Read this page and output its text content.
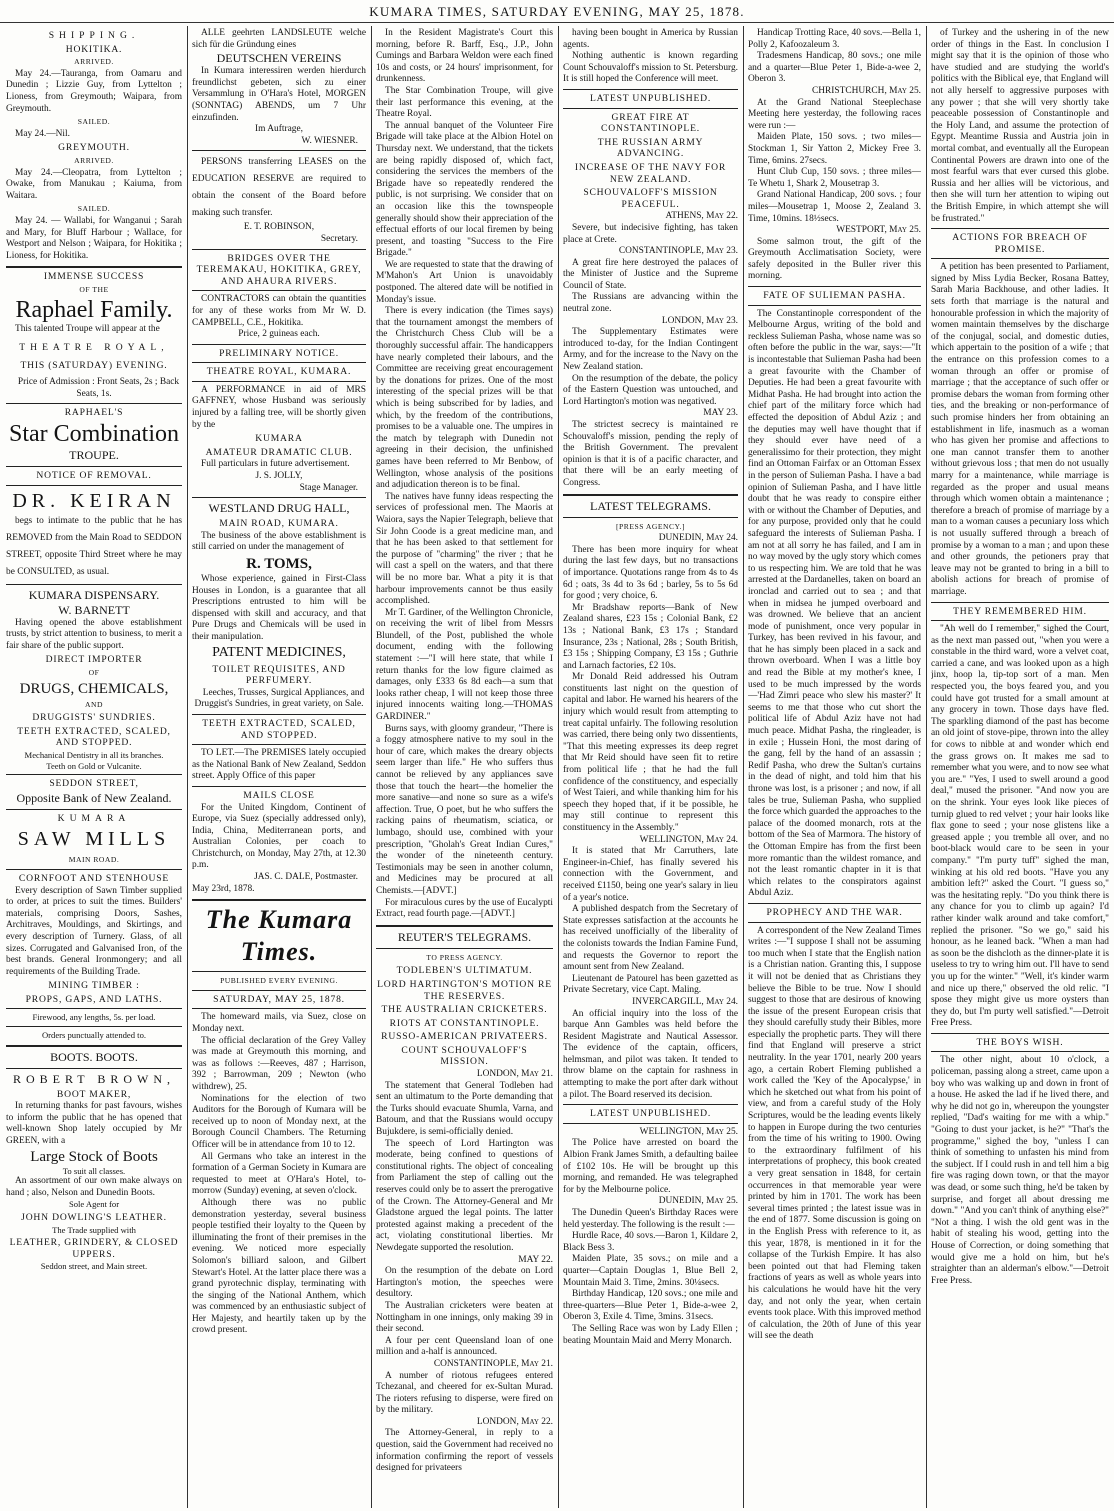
KUMARA TIMES, SATURDAY EVENING, MAY 25, 1878.
SHIPPING.
HOKITIKA.
ARRIVED.

May 24.—Tauranga, from Oamaru and Dunedin ; Lizzie Guy, from Lyttelton ; Lioness, from Greymouth; Waipara, from Greymouth.

SAILED.

May 24.—Nil.

GREYMOUTH.
ARRIVED.

May 24.—Cleopatra, from Lyttelton ; Owake, from Manukau ; Kaiuma, from Waitara.

SAILED.

May 24. — Wallabi, for Wanganui ; Sarah and Mary, for Bluff Harbour ; Wallace, for Westport and Nelson ; Waipara, for Hokitika ; Lioness, for Hokitika.

IMMENSE SUCCESS
OF THE
Raphael Family.

This talented Troupe will appear at the

THEATRE ROYAL,
THIS (SATURDAY) EVENING.

Price of Admission : Front Seats, 2s ; Back Seats, 1s.

RAPHAEL'S
Star Combination
TROUPE.
NOTICE OF REMOVAL.
DR. KEIRAN

begs to intimate to the public that he has REMOVED from the Main Road to SEDDON STREET, opposite Third Street where he may be CONSULTED, as usual.

KUMARA DISPENSARY.
W. BARNETT

Having opened the above establishment trusts, by strict attention to business, to merit a fair share of the public support.

DIRECT IMPORTER
OF
DRUGS, CHEMICALS,
AND
DRUGGISTS' SUNDRIES.
TEETH EXTRACTED, SCALED, AND STOPPED.
Mechanical Dentistry in all its branches.
Teeth on Gold or Vulcanite.
SEDDON STREET,
Opposite Bank of New Zealand.
KUMARA
SAW MILLS
MAIN ROAD.
CORNFOOT AND STENHOUSE

Every description of Sawn Timber supplied to order, at prices to suit the times. Builders' materials, comprising Doors, Sashes, Architraves, Mouldings, and Skirtings, and every description of Turnery. Glass, of all sizes. Corrugated and Galvanised Iron, of the best brands. General Ironmongery; and all requirements of the Building Trade.

MINING TIMBER :
PROPS, GAPS, AND LATHS.
Firewood, any lengths, 5s. per load.
Orders punctually attended to.
BOOTS. BOOTS.
ROBERT BROWN,
BOOT MAKER,

In returning thanks for past favours, wishes to inform the public that he has opened that well-known Shop lately occupied by Mr GREEN, with a

Large Stock of Boots
To suit all classes.

An assortment of our own make always on hand ; also, Nelson and Dunedin Boots.

Sole Agent for
JOHN DOWLING'S LEATHER.
The Trade supplied with
LEATHER, GRINDERY, & CLOSED UPPERS.
Seddon street, and Main street.

ALLE geehrten LANDSLEUTE welche sich für die Gründung eines

DEUTSCHEN VEREINS

In Kumara interessiren werden hierdurch freundlichst gebeten, sich zu einer Versammlung in O'Hara's Hotel, MORGEN (SONNTAG) ABENDS, um 7 Uhr einzufinden.

Im Auftrage,
W. WIESNER.

PERSONS transferring LEASES on the EDUCATION RESERVE are required to obtain the consent of the Board before making such transfer.

E. T. ROBINSON,
Secretary.
BRIDGES OVER THE TEREMAKAU, HOKITIKA, GREY, AND AHAURA RIVERS.

CONTRACTORS can obtain the quantities for any of these works from Mr W. D. CAMPBELL, C.E., Hokitika.

Price, 2 guineas each.
PRELIMINARY NOTICE.
THEATRE ROYAL, KUMARA.

A PERFORMANCE in aid of MRS GAFFNEY, whose Husband was seriously injured by a falling tree, will be shortly given by the

KUMARA
AMATEUR DRAMATIC CLUB.

Full particulars in future advertisement.

J. S. JOLLY,
Stage Manager.
WESTLAND DRUG HALL,
MAIN ROAD, KUMARA.

The business of the above establishment is still carried on under the management of

R. TOMS,

Whose experience, gained in First-Class Houses in London, is a guarantee that all Prescriptions entrusted to him will be dispensed with skill and accuracy, and that Pure Drugs and Chemicals will be used in their manipulation.

PATENT MEDICINES,
TOILET REQUISITES, AND PERFUMERY.

Leeches, Trusses, Surgical Appliances, and Druggist's Sundries, in great variety, on Sale.

TEETH EXTRACTED, SCALED, AND STOPPED.

TO LET.—The PREMISES lately occupied as the National Bank of New Zealand, Seddon street. Apply Office of this paper

MAILS CLOSE

For the United Kingdom, Continent of Europe, via Suez (specially addressed only), India, China, Mediterranean ports, and Australian Colonies, per coach to Christchurch, on Monday, May 27th, at 12.30 p.m.

JAS. C. DALE, Postmaster.
May 23rd, 1878.
The Kumara Times.
PUBLISHED EVERY EVENING.
SATURDAY, MAY 25, 1878.

The homeward mails, via Suez, close on Monday next.

The official declaration of the Grey Valley was made at Greymouth this morning, and was as follows :—Reeves, 487 ; Harrison, 392 ; Barrowman, 209 ; Newton (who withdrew), 25.

Nominations for the election of two Auditors for the Borough of Kumara will be received up to noon of Monday next, at the Borough Council Chambers. The Returning Officer will be in attendance from 10 to 12.

All Germans who take an interest in the formation of a German Society in Kumara are requested to meet at O'Hara's Hotel, to-morrow (Sunday) evening, at seven o'clock.

Although there was no public demonstration yesterday, several business people testified their loyalty to the Queen by illuminating the front of their premises in the evening. We noticed more especially Solomon's billiard saloon, and Gilbert Stewart's Hotel. At the latter place there was a grand pyrotechnic display, terminating with the singing of the National Anthem, which was commenced by an enthusiastic subject of Her Majesty, and heartily taken up by the crowd present.

In the Resident Magistrate's Court this morning, before R. Barff, Esq., J.P., John Cumings and Barbara Weldon were each fined 10s and costs, or 24 hours' imprisonment, for drunkenness.

The Star Combination Troupe, will give their last performance this evening, at the Theatre Royal.

The annual banquet of the Volunteer Fire Brigade will take place at the Albion Hotel on Thursday next. We understand, that the tickets are being rapidly disposed of, which fact, considering the services the members of the Brigade have so repeatedly rendered the public, is not surprising. We consider that on an occasion like this the townspeople generally should show their appreciation of the effectual efforts of our local firemen by being present, and toasting "Success to the Fire Brigade."

We are requested to state that the drawing of M'Mahon's Art Union is unavoidably postponed. The altered date will be notified in Monday's issue.

There is every indication (the Times says) that the tournament amongst the members of the Christchurch Chess Club will be a thoroughly successful affair. The handicappers have nearly completed their labours, and the Committee are receiving great encouragement by the donations for prizes. One of the most interesting of the special prizes will be that which is being subscribed for by ladies, and which, by the freedom of the contributions, promises to be a valuable one. The umpires in the match by telegraph with Dunedin not agreeing in their decision, the unfinished games have been referred to Mr Benbow, of Wellington, whose analysis of the positions and adjudication thereon is to be final.

The natives have funny ideas respecting the services of professional men. The Maoris at Waiora, says the Napier Telegraph, believe that Sir John Coode is a great medicine man, and that he has been asked to that settlement for the purpose of "charming" the river ; that he will cast a spell on the waters, and that there will be no more bar. What a pity it is that harbour improvements cannot be thus easily accomplished.

Mr T. Gardiner, of the Wellington Chronicle, on receiving the writ of libel from Messrs Blundell, of the Post, published the whole document, ending with the following statement :—"I will here state, that while I return thanks for the low figure claimed as damages, only £333 6s 8d each—a sum that looks rather cheap, I will not keep those three injured innocents waiting long.—THOMAS GARDINER."

Burns says, with gloomy grandeur, "There is a foggy atmosphere native to my soul in the hour of care, which makes the dreary objects seem larger than life." He who suffers thus cannot be relieved by any appliances save those that touch the heart—the homelier the more sanative—and none so sure as a wife's affection. True, O poet, but he who suffers the racking pains of rheumatism, sciatica, or lumbago, should use, combined with your prescription, "Gholah's Great Indian Cures," the wonder of the nineteenth century. Testimonials may be seen in another column, and Medicines may be procured at all Chemists.—[ADVT.]

For miraculous cures by the use of Eucalypti Extract, read fourth page.—[ADVT.]

REUTER'S TELEGRAMS.
TO PRESS AGENCY.
TODLEBEN'S ULTIMATUM.
LORD HARTINGTON'S MOTION RE THE RESERVES.
THE AUSTRALIAN CRICKETERS.
RIOTS AT CONSTANTINOPLE.
RUSSO-AMERICAN PRIVATEERS.
COUNT SCHOUVALOFF'S MISSION.
LONDON, May 21.

The statement that General Todleben had sent an ultimatum to the Porte demanding that the Turks should evacuate Shumla, Varna, and Batoum, and that the Russians would occupy Bujukdere, is semi-officially denied.

The speech of Lord Hartington was moderate, being confined to questions of constitutional rights. The object of concealing from Parliament the step of calling out the reserves could only be to assert the prerogative of the Crown. The Attorney-General and Mr Gladstone argued the legal points. The latter protested against making a precedent of the act, violating constitutional liberties. Mr Newdegate supported the resolution.

MAY 22.

On the resumption of the debate on Lord Hartington's motion, the speeches were desultory.

The Australian cricketers were beaten at Nottingham in one innings, only making 39 in their second.

A four per cent Queensland loan of one million and a-half is announced.

CONSTANTINOPLE, May 21.

A number of riotous refugees entered Tchezanal, and cheered for ex-Sultan Murad. The rioters refusing to disperse, were fired on by the military.

LONDON, May 22.

The Attorney-General, in reply to a question, said the Government had received no information confirming the report of vessels designed for privateers

having been bought in America by Russian agents.

Nothing authentic is known regarding Count Schouvaloff's mission to St. Petersburg. It is still hoped the Conference will meet.

LATEST UNPUBLISHED.
GREAT FIRE AT CONSTANTINOPLE.
THE RUSSIAN ARMY ADVANCING.
INCREASE OF THE NAVY FOR NEW ZEALAND.
SCHOUVALOFF'S MISSION PEACEFUL.
ATHENS, May 22.

Severe, but indecisive fighting, has taken place at Crete.

CONSTANTINOPLE, May 23.

A great fire here destroyed the palaces of the Minister of Justice and the Supreme Council of State.

The Russians are advancing within the neutral zone.

LONDON, May 23.

The Supplementary Estimates were introduced to-day, for the Indian Contingent Army, and for the increase to the Navy on the New Zealand station.

On the resumption of the debate, the policy of the Eastern Question was untouched, and Lord Hartington's motion was negatived.

MAY 23.

The strictest secrecy is maintained re Schouvaloff's mission, pending the reply of the British Government. The prevalent opinion is that it is of a pacific character, and that there will be an early meeting of Congress.

LATEST TELEGRAMS.
[PRESS AGENCY.]
DUNEDIN, May 24.

There has been more inquiry for wheat during the last few days, but no transactions of importance. Quotations range from 4s to 4s 6d ; oats, 3s 4d to 3s 6d ; barley, 5s to 5s 6d for good ; very choice, 6.

Mr Bradshaw reports—Bank of New Zealand shares, £23 15s ; Colonial Bank, £2 13s ; National Bank, £3 17s ; Standard Insurance, 23s ; National, 28s ; South British, £3 15s ; Shipping Company, £3 15s ; Guthrie and Larnach factories, £2 10s.

Mr Donald Reid addressed his Outram constituents last night on the question of capital and labor. He warned his hearers of the injury which would result from attempting to treat capital unfairly. The following resolution was carried, there being only two dissentients, "That this meeting expresses its deep regret that Mr Reid should have seen fit to retire from political life ; that he had the full confidence of the constituency, and especially of West Taieri, and while thanking him for his speech they hoped that, if it be possible, he may still continue to represent this constituency in the Assembly."

WELLINGTON, May 24.

It is stated that Mr Carruthers, late Engineer-in-Chief, has finally severed his connection with the Government, and received £1150, being one year's salary in lieu of a year's notice.

A published despatch from the Secretary of State expresses satisfaction at the accounts he has received unofficially of the liberality of the colonists towards the Indian Famine Fund, and requests the Governor to report the amount sent from New Zealand.

Lieutenant de Patourel has been gazetted as Private Secretary, vice Capt. Maling.

INVERCARGILL, May 24.

An official inquiry into the loss of the barque Ann Gambles was held before the Resident Magistrate and Nautical Assessor. The evidence of the captain, officers, helmsman, and pilot was taken. It tended to throw blame on the captain for rashness in attempting to make the port after dark without a pilot. The Board reserved its decision.

LATEST UNPUBLISHED.
WELLINGTON, May 25.

The Police have arrested on board the Albion Frank James Smith, a defaulting bailee of £102 10s. He will be brought up this morning, and remanded. He was telegraphed for by the Melbourne police.

DUNEDIN, May 25.

The Dunedin Queen's Birthday Races were held yesterday. The following is the result :—

Hurdle Race, 40 sovs.—Baron 1, Kildare 2, Black Bess 3.

Maiden Plate, 35 sovs.; on mile and a quarter—Captain Douglas 1, Blue Bell 2, Mountain Maid 3. Time, 2mins. 30¼secs.

Birthday Handicap, 120 sovs.; one mile and three-quarters—Blue Peter 1, Bide-a-wee 2, Oberon 3, Exile 4. Time, 3mins. 31secs.

The Selling Race was won by Lady Ellen ; beating Mountain Maid and Merry Monarch.

Handicap Trotting Race, 40 sovs.—Bella 1, Polly 2, Kafoozaleum 3.

Tradesmens Handicap, 80 sovs.; one mile and a quarter—Blue Peter 1, Bide-a-wee 2, Oberon 3.

CHRISTCHURCH, May 25.

At the Grand National Steeplechase Meeting here yesterday, the following races were run :—

Maiden Plate, 150 sovs. ; two miles—Stockman 1, Sir Yatton 2, Mickey Free 3. Time, 6mins. 27secs.

Hunt Club Cup, 150 sovs. ; three miles—Te Whetu 1, Shark 2, Mousetrap 3.

Grand National Handicap, 200 sovs. ; four miles—Mousetrap 1, Moose 2, Zealand 3. Time, 10mins. 18½secs.

WESTPORT, May 25.

Some salmon trout, the gift of the Greymouth Acclimatisation Society, were safely deposited in the Buller river this morning.

FATE OF SULIEMAN PASHA.

The Constantinople correspondent of the Melbourne Argus, writing of the bold and reckless Sulieman Pasha, whose name was so often before the public in the war, says:—"It is incontestable that Sulieman Pasha had been a great favourite with the Chamber of Deputies. He had been a great favourite with Midhat Pasha. He had brought into action the chief part of the military force which had effected the deposition of Abdul Aziz ; and the deputies may well have thought that if they should ever have need of a generalissimo for their protection, they might find an Ottoman Fairfax or an Ottoman Essex in the person of Sulieman Pasha. I have a bad opinion of Sulieman Pasha, and I have little doubt that he was ready to conspire either with or without the Chamber of Deputies, and for any purpose, provided only that he could safeguard the interests of Sulieman Pasha. I am not at all sorry he has failed, and I am in no way moved by the ugly story which comes to us respecting him. We are told that he was arrested at the Dardanelles, taken on board an ironclad and carried out to sea ; and that when in midsea he jumped overboard and was drowned. We believe that an ancient mode of punishment, once very popular in Turkey, has been revived in his favour, and that he has simply been placed in a sack and thrown overboard. When I was a little boy and read the Bible at my mother's knee, I used to be much impressed by the words—'Had Zimri peace who slew his master?' It seems to me that those who cut short the political life of Abdul Aziz have not had much peace. Midhat Pasha, the ringleader, is in exile ; Hussein Honi, the most daring of the gang, fell by the hand of an assassin ; Redif Pasha, who drew the Sultan's curtains in the dead of night, and told him that his throne was lost, is a prisoner ; and now, if all tales be true, Sulieman Pasha, who supplied the force which guarded the approaches to the palace of the doomed monarch, rots at the bottom of the Sea of Marmora. The history of the Ottoman Empire has from the first been more romantic than the wildest romance, and not the least romantic chapter in it is that which relates to the conspirators against Abdul Aziz.

PROPHECY AND THE WAR.

A correspondent of the New Zealand Times writes :—"I suppose I shall not be assuming too much when I state that the English nation is a Christian nation. Granting this, I suppose it will not be denied that as Christians they believe the Bible to be true. Now I should suggest to those that are desirous of knowing the issue of the present European crisis that they should carefully study their Bibles, more especially the prophetic parts. They will there find that England will preserve a strict neutrality. In the year 1701, nearly 200 years ago, a certain Robert Fleming published a work called the 'Key of the Apocalypse,' in which he sketched out what from his point of view, and from a careful study of the Holy Scriptures, would be the leading events likely to happen in Europe during the two centuries from the time of his writing to 1900. Owing to the extraordinary fulfilment of his interpretations of prophecy, this book created a very great sensation in 1848, for certain occurrences in that memorable year were printed by him in 1701. The work has been several times printed ; the latest issue was in the end of 1877. Some discussion is going on in the English Press with reference to it, as this year, 1878, is mentioned in it for the collapse of the Turkish Empire. It has also been pointed out that had Fleming taken fractions of years as well as whole years into his calculations he would have hit the very day, and not only the year, when certain events took place. With this improved method of calculation, the 20th of June of this year will see the death

of Turkey and the ushering in of the new order of things in the East. In conclusion I might say that it is the opinion of those who have studied and are studying the world's politics with the Biblical eye, that England will not ally herself to aggressive purposes with any power ; that she will very shortly take peaceable possession of Constantinople and the Holy Land, and assume the protection of Egypt. Meantime Russia and Austria join in mortal combat, and eventually all the European Continental Powers are drawn into one of the most fearful wars that ever cursed this globe. Russia and her allies will be victorious, and then she will turn her attention to wiping out the British Empire, in which attempt she will be frustrated."

ACTIONS FOR BREACH OF PROMISE.

A petition has been presented to Parliament, signed by Miss Lydia Becker, Rosana Battey, Sarah Maria Backhouse, and other ladies. It sets forth that marriage is the natural and honourable profession in which the majority of women maintain themselves by the discharge of the conjugal, social, and domestic duties, which appertain to the position of a wife ; that the entrance on this profession comes to a woman through an offer or promise of marriage ; that the acceptance of such offer or promise debars the woman from forming other ties, and the breaking or non-performance of such promise hinders her from obtaining an establishment in life, inasmuch as a woman who has given her promise and affections to one man cannot transfer them to another without grievous loss ; that men do not usually marry for a maintenance, while marriage is regarded as the proper and usual means through which women obtain a maintenance ; therefore a breach of promise of marriage by a man to a woman causes a pecuniary loss which is not usually suffered through a breach of promise by a woman to a man ; and upon these and other grounds, the petioners pray that leave may not be granted to bring in a bill to abolish actions for breach of promise of marriage.

THEY REMEMBERED HIM.

"Ah well do I remember," sighed the Court, as the next man passed out, "when you were a constable in the third ward, wore a velvet coat, carried a cane, and was looked upon as a high jinx, hoop la, tip-top sort of a man. Men respected you, the boys feared you, and you could have got trusted for a small amount at any grocery in town. Those days have fled. The sparkling diamond of the past has become an old joint of stove-pipe, thrown into the alley for cows to nibble at and wonder which end the grass grows on. It makes me sad to remember what you were, and to now see what you are." "Yes, I used to swell around a good deal," mused the prisoner. "And now you are on the shrink. Your eyes look like pieces of turnip glued to red velvet ; your hair looks like flax gone to seed ; your nose glistens like a greased apple ; you tremble all over, and no boot-black would care to be seen in your company." "I'm purty tuff" sighed the man, winking at his old red boots. "Have you any ambition left?" asked the Court. "I guess so," was the hesitating reply. "Do you think there is any chance for you to climb up again? I'd rather kinder walk around and take comfort," replied the prisoner. "So we go," said his honour, as he leaned back. "When a man had as soon be the dishcloth as the dinner-plate it is useless to try to wring him out. I'll have to send you up for the winter." "Well, it's kinder warm and nice up there," observed the old relic. "I spose they might give us more oysters than they do, but I'm purty well satisfied."—Detroit Free Press.

THE BOYS WISH.

The other night, about 10 o'clock, a policeman, passing along a street, came upon a boy who was walking up and down in front of a house. He asked the lad if he lived there, and why he did not go in, whereupon the youngster replied, "Dad's waiting for me with a whip." "Going to dust your jacket, is he?" "That's the programme," sighed the boy, "unless I can think of something to unfasten his mind from the subject. If I could rush in and tell him a big fire was raging down town, or that the mayor was dead, or some such thing, he'd be taken by surprise, and forget all about dressing me down." "And you can't think of anything else?" "Not a thing. I wish the old gent was in the habit of stealing his wood, getting into the House of Correction, or doing something that would give me a hold on him, but he's straighter than an alderman's elbow."—Detroit Free Press.
